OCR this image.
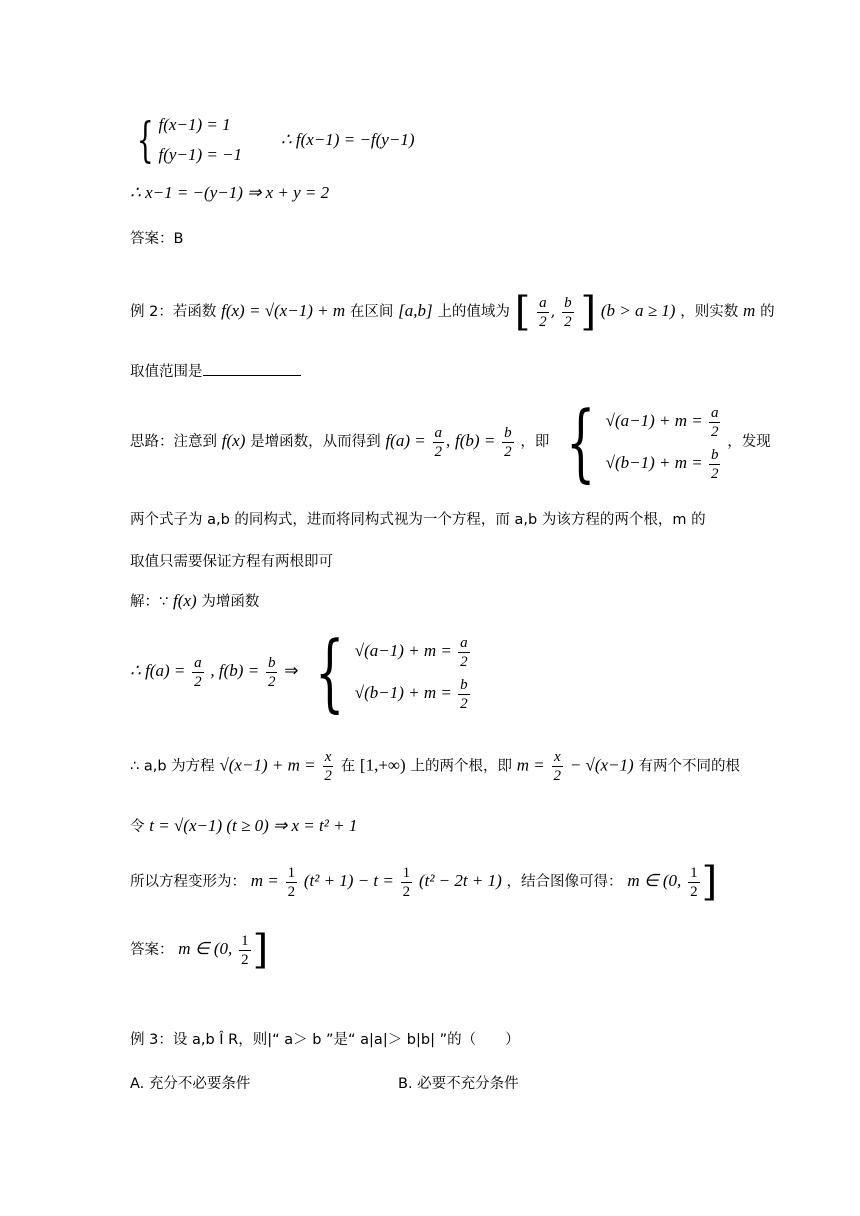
{ f(x−1) = 1
f(y−1) = −1
∴ f(x−1) = −f(y−1)
∴ x−1 = −(y−1) ⇒ x + y = 2
答案：B
例 2：若函数 f(x) = √(x−1) + m 在区间 [a,b] 上的值域为 [ $\frac{a}{2}$ , $\frac{b}{2}$ ] (b > a ≥ 1) ，则实数 m 的
取值范围是
思路：注意到 f(x) 是增函数，从而得到 $f(a) = \frac{a}{2}$ , $f(b) = \frac{b}{2}$ ，即 { $√(a-1) + m = \frac{a}{2}$
$√(b-1) + m = \frac{b}{2}$
，发现
两个式子为 a,b 的同构式，进而将同构式视为一个方程，而 a,b 为该方程的两个根，m 的
取值只需要保证方程有两根即可
解：∵ f(x) 为增函数
∴ $f(a) = \frac{a}{2}$ , $f(b) = \frac{b}{2}$ ⇒ { $√(a-1) + m = \frac{a}{2}$
$√(b-1) + m = \frac{b}{2}$
∴ a,b 为方程 $√(x-1) + m = \frac{x}{2}$ 在 [1,+∞) 上的两个根，即 $m = \frac{x}{2} - √(x-1)$ 有两个不同的根
令 t = √(x−1) (t ≥ 0) ⇒ x = t² + 1
所以方程变形为： $m = \frac{1}{2} (t^2 + 1) - t = \frac{1}{2} (t^2 - 2t + 1)$ ，结合图像可得： m ∈ (0, $\frac{1}{2}$ ]
答案： m ∈ (0, $\frac{1}{2}$ ]
例 3：设 a,b Î R，则|“ a＞ b ”是“ a|a|＞ b|b| ”的（　　）
A. 充分不必要条件	B. 必要不充分条件
